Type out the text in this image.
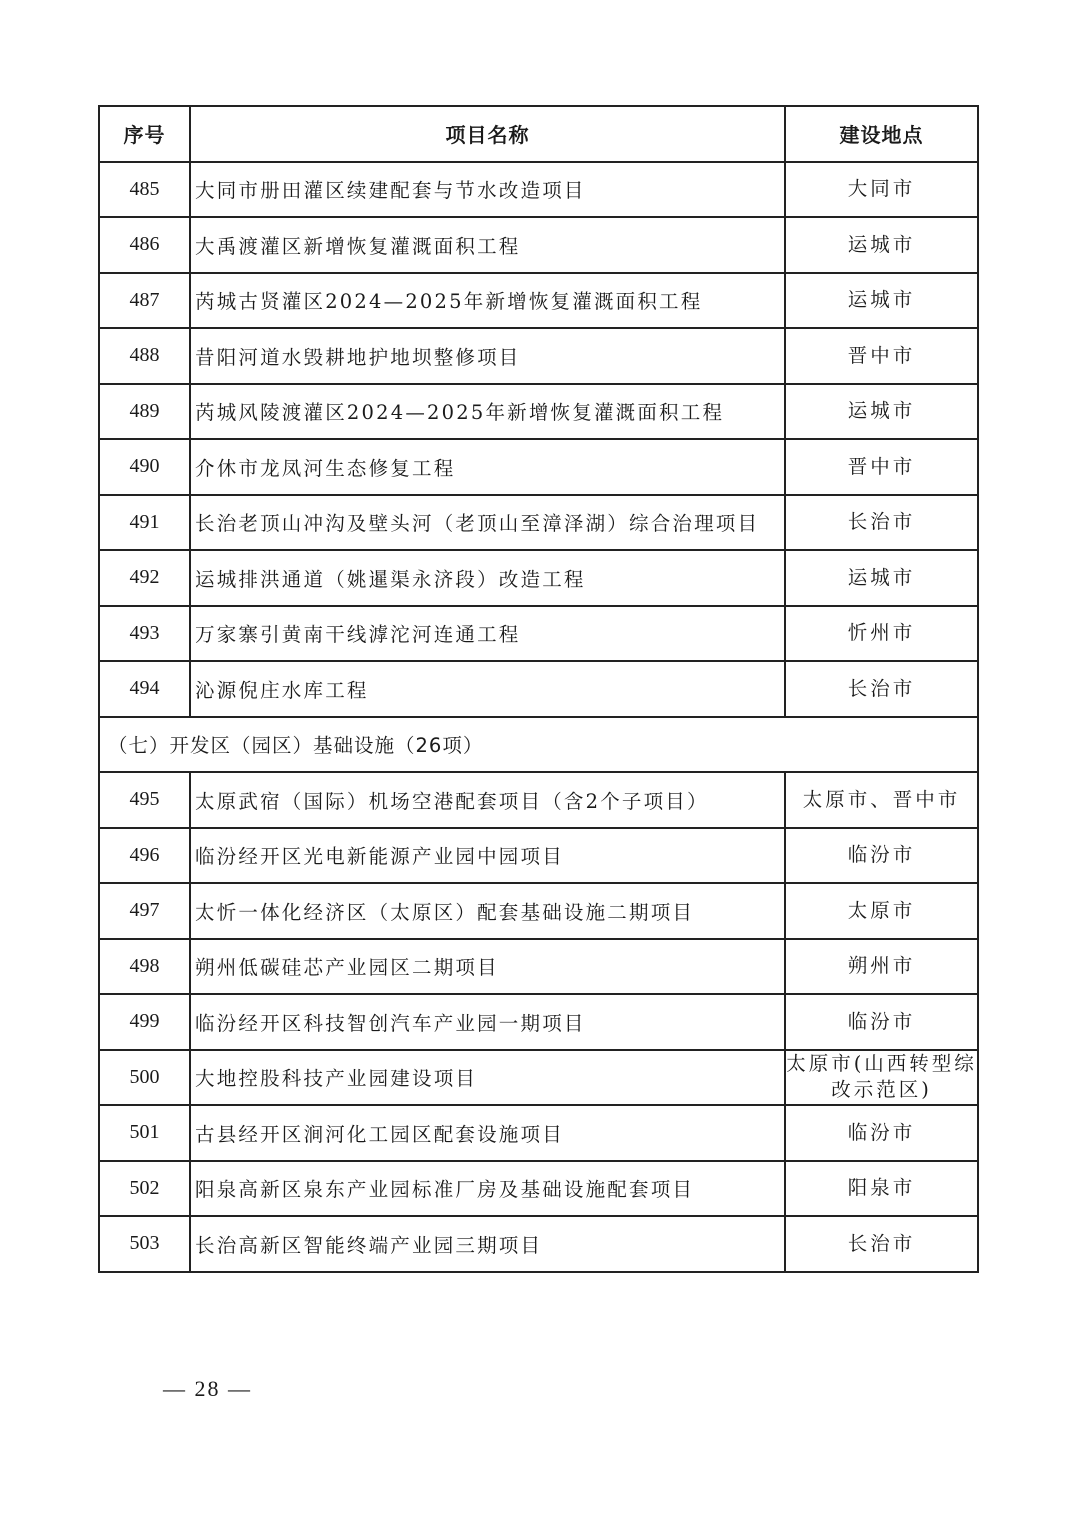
序号	项目名称	建设地点
485	大同市册田灌区续建配套与节水改造项目	大同市
486	大禹渡灌区新增恢复灌溉面积工程	运城市
487	芮城古贤灌区2024—2025年新增恢复灌溉面积工程	运城市
488	昔阳河道水毁耕地护地坝整修项目	晋中市
489	芮城风陵渡灌区2024—2025年新增恢复灌溉面积工程	运城市
490	介休市龙凤河生态修复工程	晋中市
491	长治老顶山冲沟及壁头河（老顶山至漳泽湖）综合治理项目	长治市
492	运城排洪通道（姚暹渠永济段）改造工程	运城市
493	万家寨引黄南干线滹沱河连通工程	忻州市
494	沁源倪庄水库工程	长治市
（七）开发区（园区）基础设施（26项）		
495	太原武宿（国际）机场空港配套项目（含2个子项目）	太原市、晋中市
496	临汾经开区光电新能源产业园中园项目	临汾市
497	太忻一体化经济区（太原区）配套基础设施二期项目	太原市
498	朔州低碳硅芯产业园区二期项目	朔州市
499	临汾经开区科技智创汽车产业园一期项目	临汾市
500	大地控股科技产业园建设项目	太原市(山西转型综改示范区)
501	古县经开区涧河化工园区配套设施项目	临汾市
502	阳泉高新区泉东产业园标准厂房及基础设施配套项目	阳泉市
503	长治高新区智能终端产业园三期项目	长治市
— 28 —
